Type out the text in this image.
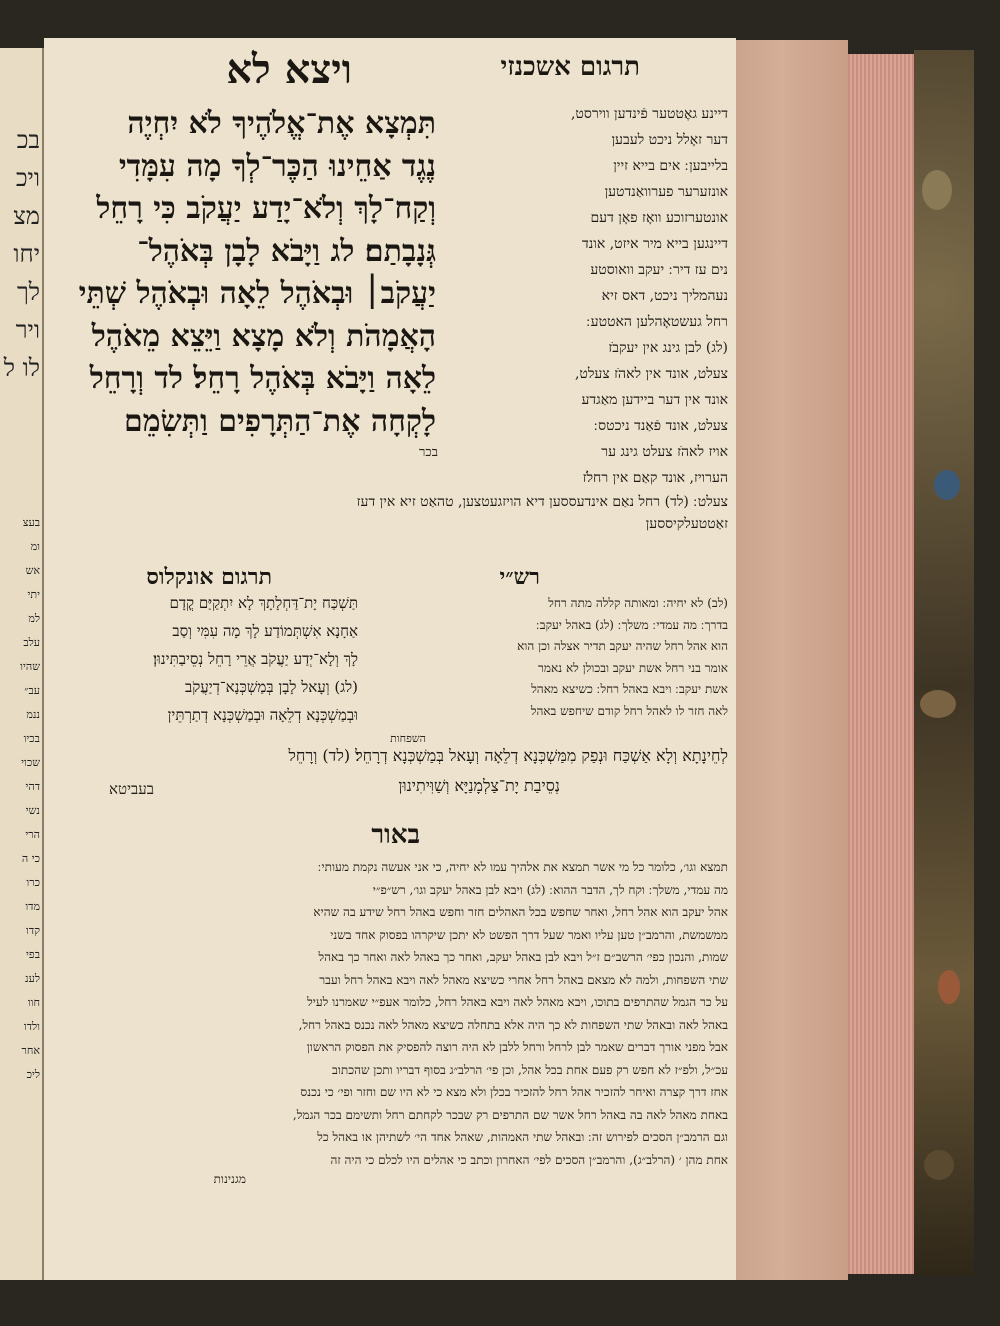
בכ
ויכ
מצ
יחו
לך
ויר
לו ל
בעצ
ומ
אש
יתי
למ
עלב
שהיו
עב״
ננמ
בכיו
שכוי
דהי
נשי
הרי
כי ה
כרו
מדו
קדו
בפי
לענ
חוו
ולדו
אחר
ליכ
תרגום אשכנזי
ויצא לא
תִּמְצָא אֶת־אֱלֹהֶיךָ לֹא יִחְיֶה
נֶגֶד אַחֵינוּ הַכֶּר־לְךָ מָה עִמָּדִי
וְקַח־לָךְ וְלֹא־יָדַע יַעֲקֹב כִּי רָחֵל
גְּנָבָתַם׃ לג וַיָּבֹא לָבָן בְּאֹהֶל־
יַעֲקֹב׀ וּבְאֹהֶל לֵאָה וּבְאֹהֶל שְׁתֵּי
הָאֲמָהֹת וְלֹא מָצָא וַיֵּצֵא מֵאֹהֶל
לֵאָה וַיָּבֹא בְּאֹהֶל רָחֵל׃ לד וְרָחֵל
לָקְחָה אֶת־הַתְּרָפִים וַתְּשִׂמֵם
בכר
דיינע גאֶטטער פֿינדען ווירסט,
דער זאָלל ניכט לעבען
בלייבען ׃ אים בייא זיין
אונזערער פערוואַנדטען
אונטערזוכע וואָז פאָן דעם
דיינגען בייא מיר איזט, אונד
נים עז דיר ׃ יעקב וואוסטע
נעהמליך ניכט, דאס זיא
רחל געשטאָהלען האטטע ׃
(לג) לבן גינג אין יעקבׂז
צעלט, אונד אין לאהׂז צעלט,
אונד אין דער ביידען מאַגדע
צעלט, אונד פֿאַנד ניכטס ׃
אויז לאהׂז צעלט גינג ער
הערויז, אונד קאַם אין רחלׂז
צעלט ׃ (לד) רחל נאַם אינדעססען דיא הויזגעטצען, טהאַט זיא אין דעז
זאַטטעלקיססען
רש״י
תרגום אונקלוס
(לב) לא יחיה ׃ ומאותה קללה מתה רחל
בדרך ׃ מה עמדי ׃ משלך ׃ (לג) באהל יעקב ׃
הוא אהל רחל שהיה יעקב תדיר אצלה וכן הוא
אומר בני רחל אשת יעקב ובכולן לא נאמר
אשת יעקב ׃ ויבא באהל רחל ׃ כשיצא מאהל
לאה חזר לו לאהל רחל קודם שיחפש באהל
השפחות
תַּשְׁכַּח יָת־דַּחְלָתָךְ לָא יִתְקַיַּם קֳדָם
אַחָנָא אִשְׁתְּמוֹדַע לָךְ מָה עִמִּי וְסַב
לָךְ וְלָא־יְדַע יַעֲקֹב אֲרֵי רָחֵל נְסֵיבַתִּינוּן׃
(לג) וְעָאל לָבָן בְּמַשְׁכְּנָא־דְיַעֲקֹב
וּבְמַשְׁכְּנָא דְלֵאָה וּבְמַשְׁכְּנָא דְתַרְתֵּין
לְחֵינָתָא וְלָא אַשְׁכַּח וּנְפַק מִמַּשְׁכְּנָא דְלֵאָה וְעָאל בְּמַשְׁכְּנָא דְרָחֵל׃ (לד) וְרָחֵל
נְסֵיבַת יָת־צַלְמָנַיָּא וְשַׁוִּיתִינוּן
בעביטא
באור
תמצא וגו׳, כלומר כל מי אשר תמצא את אלהיך עמו לא יחיה, כי אני אעשה נקמת מעותי ׃
מה עמדי, משלך ׃ וקח לך, הדבר ההוא ׃ (לג) ויבא לבן באהל יעקב וגו׳, רש״פ״י
אהל יעקב הוא אהל רחל, ואחר שחפש בכל האהלים חזר וחפש באהל רחל שידע בה שהיא
ממשמשת, והרמב״ן טען עליו ואמר שעל דרך הפשט לא יתכן שיקרהו בפסוק אחד בשני
שמות, והנכון כפי׳ הרשב״ם ז״ל ויבא לבן באהל יעקב, ואחר כך באהל לאה ואחר כך באהל
שתי השפחות, ולמה לא מצאם באהל רחל אחרי כשיצא מאהל לאה ויבא באהל רחל ועבר
על כר הגמל שהתרפים בתוכו, ויבא מאהל לאה ויבא באהל רחל, כלומר אעפ״י שאמרנו לעיל
באהל לאה ובאהל שתי השפחות לא כך היה אלא בתחלה כשיצא מאהל לאה נכנס באהל רחל,
אבל מפני אורך דברים שאמר לבן לרחל ורחל ללבן לא היה רוצה להפסיק את הפסוק הראשון
עכ״ל, ולפ״ז לא חפש רק פעם אחת בכל אהל, וכן פי׳ הרלב״ג בסוף דבריו ותכן שהכתוב
אחז דרך קצרה ואיחר להזכיר אהל רחל להזכיר בכלן ולא מצא כי לא היו שם וחזר ופי׳ כי נכנס
באחת מאהל לאה בה באהל רחל אשר שם התרפים רק שבכר לקחתם רחל ותשימם בכר הגמל,
וגם הרמב״ן הסכים לפירוש זה ׃ ובאהל שתי האמהות, שאהל אחד הי׳ לשתיהן או באהל כל
אחת מהן ׳ (הרלב״ג), והרמב״ן הסכים לפי׳ האחרון וכתב כי אהלים היו לכלם כי היה זה
מגנינות
